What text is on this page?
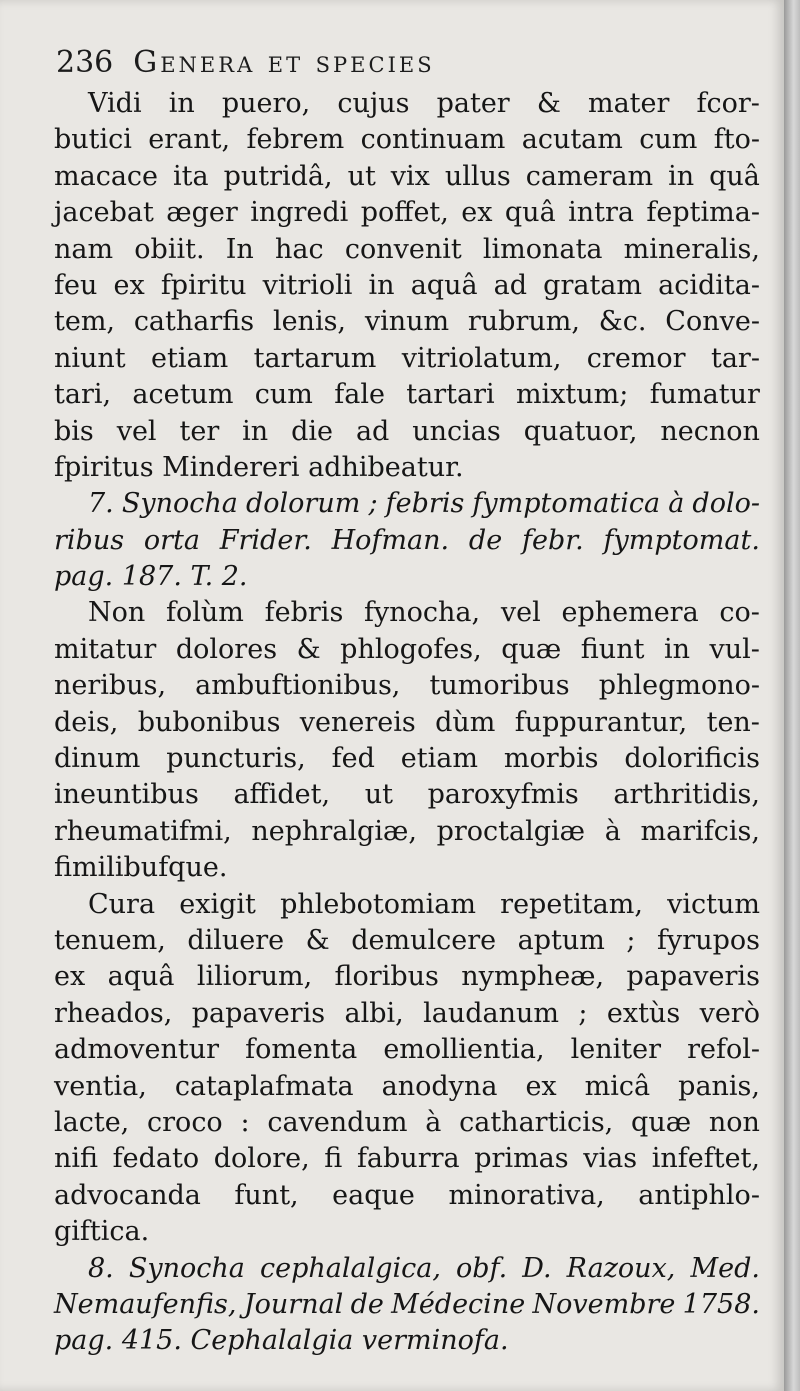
236 Genera et species
Vidi in puero, cujus pater & mater fcor-
butici erant, febrem continuam acutam cum fto-
macace ita putridâ, ut vix ullus cameram in quâ
jacebat æger ingredi poffet, ex quâ intra feptima-
nam obiit. In hac convenit limonata mineralis,
feu ex fpiritu vitrioli in aquâ ad gratam acidita-
tem, catharfis lenis, vinum rubrum, &c. Conve-
niunt etiam tartarum vitriolatum, cremor tar-
tari, acetum cum fale tartari mixtum; fumatur
bis vel ter in die ad uncias quatuor, necnon
fpiritus Mindereri adhibeatur.
7. Synocha dolorum ; febris fymptomatica à dolo-
ribus orta Frider. Hofman. de febr. fymptomat.
pag. 187. T. 2.
Non folùm febris fynocha, vel ephemera co-
mitatur dolores & phlogofes, quæ fiunt in vul-
neribus, ambuftionibus, tumoribus phlegmono-
deis, bubonibus venereis dùm fuppurantur, ten-
dinum puncturis, fed etiam morbis dolorificis
ineuntibus affidet, ut paroxyfmis arthritidis,
rheumatifmi, nephralgiæ, proctalgiæ à marifcis,
fimilibufque.
Cura exigit phlebotomiam repetitam, victum
tenuem, diluere & demulcere aptum ; fyrupos
ex aquâ liliorum, floribus nympheæ, papaveris
rheados, papaveris albi, laudanum ; extùs verò
admoventur fomenta emollientia, leniter refol-
ventia, cataplafmata anodyna ex micâ panis,
lacte, croco : cavendum à catharticis, quæ non
nifi fedato dolore, fi faburra primas vias infeftet,
advocanda funt, eaque minorativa, antiphlo-
giftica.
8. Synocha cephalalgica, obf. D. Razoux, Med.
Nemaufenfis, Journal de Médecine Novembre 1758.
pag. 415. Cephalalgia verminofa.
